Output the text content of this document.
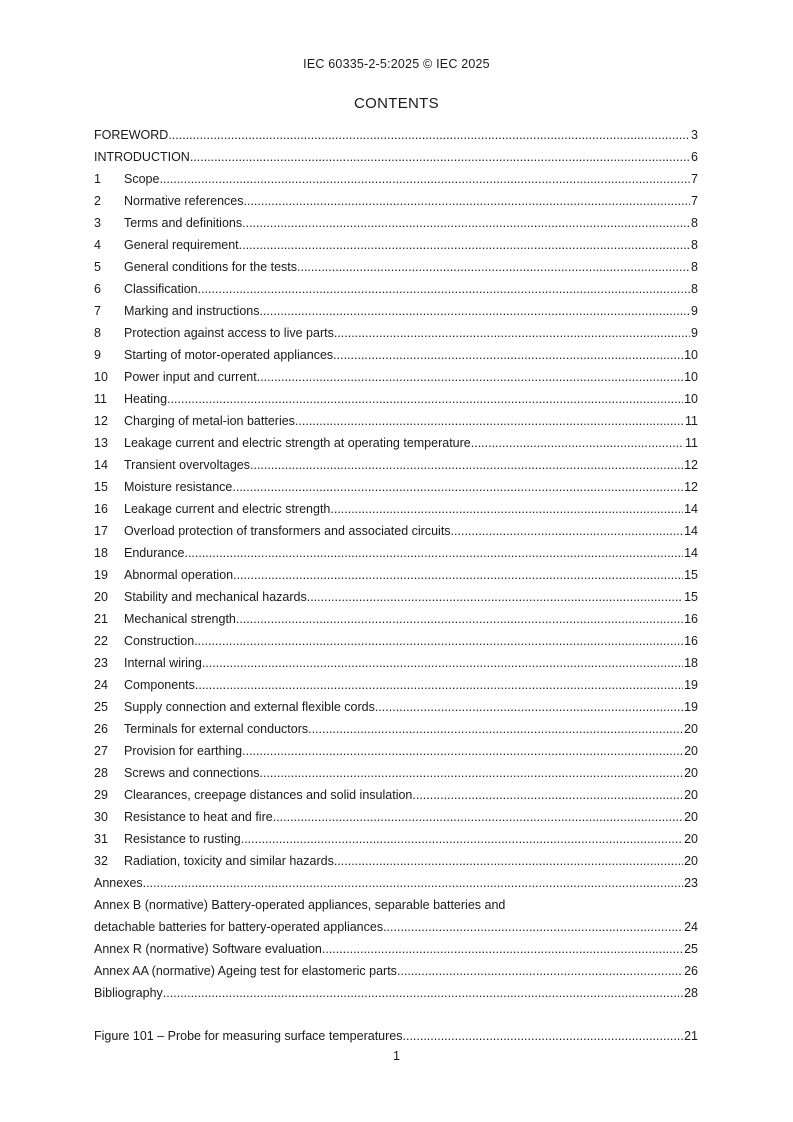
IEC 60335-2-5:2025 © IEC 2025
CONTENTS
FOREWORD .....	3
INTRODUCTION .....	6
1	Scope .....	7
2	Normative references .....	7
3	Terms and definitions .....	8
4	General requirement .....	8
5	General conditions for the tests .....	8
6	Classification .....	8
7	Marking and instructions .....	9
8	Protection against access to live parts .....	9
9	Starting of motor-operated appliances .....	10
10	Power input and current .....	10
11	Heating .....	10
12	Charging of metal-ion batteries .....	11
13	Leakage current and electric strength at operating temperature .....	11
14	Transient overvoltages .....	12
15	Moisture resistance .....	12
16	Leakage current and electric strength .....	14
17	Overload protection of transformers and associated circuits .....	14
18	Endurance .....	14
19	Abnormal operation .....	15
20	Stability and mechanical hazards .....	15
21	Mechanical strength .....	16
22	Construction .....	16
23	Internal wiring .....	18
24	Components .....	19
25	Supply connection and external flexible cords .....	19
26	Terminals for external conductors .....	20
27	Provision for earthing .....	20
28	Screws and connections .....	20
29	Clearances, creepage distances and solid insulation .....	20
30	Resistance to heat and fire .....	20
31	Resistance to rusting .....	20
32	Radiation, toxicity and similar hazards .....	20
Annexes .....	23
Annex B (normative) Battery-operated appliances, separable batteries and
detachable batteries for battery-operated appliances .....	24
Annex R (normative) Software evaluation .....	25
Annex AA (normative) Ageing test for elastomeric parts .....	26
Bibliography .....	28
Figure 101 – Probe for measuring surface temperatures .....	21
1
